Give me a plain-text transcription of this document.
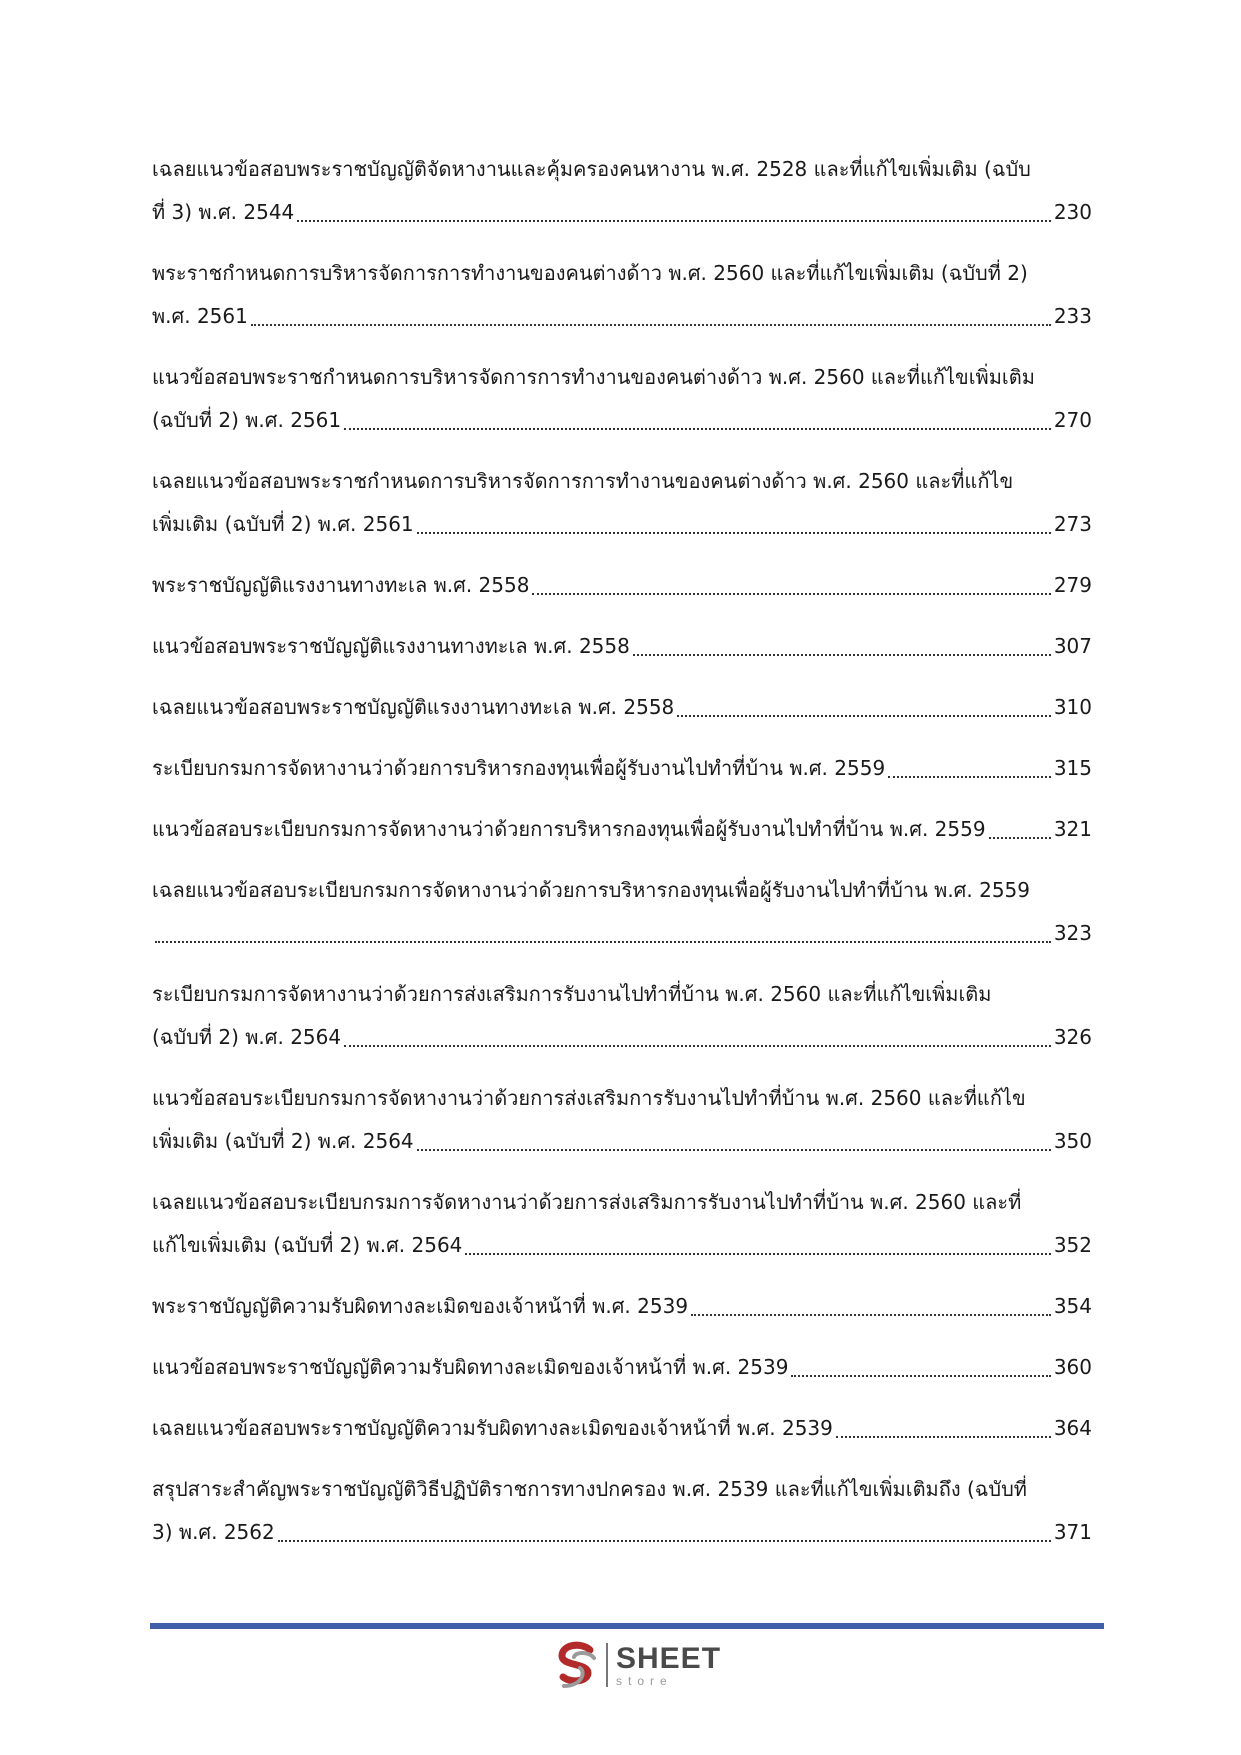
เฉลยแนวข้อสอบพระราชบัญญัติจัดหางานและคุ้มครองคนหางาน พ.ศ. 2528 และที่แก้ไขเพิ่มเติม (ฉบับ
ที่ 3) พ.ศ. 2544	230
พระราชกำหนดการบริหารจัดการการทำงานของคนต่างด้าว พ.ศ. 2560 และที่แก้ไขเพิ่มเติม (ฉบับที่ 2)
พ.ศ. 2561	233
แนวข้อสอบพระราชกำหนดการบริหารจัดการการทำงานของคนต่างด้าว พ.ศ. 2560 และที่แก้ไขเพิ่มเติม
(ฉบับที่ 2) พ.ศ. 2561	270
เฉลยแนวข้อสอบพระราชกำหนดการบริหารจัดการการทำงานของคนต่างด้าว พ.ศ. 2560 และที่แก้ไข
เพิ่มเติม (ฉบับที่ 2) พ.ศ. 2561	273
พระราชบัญญัติแรงงานทางทะเล พ.ศ. 2558	279
แนวข้อสอบพระราชบัญญัติแรงงานทางทะเล พ.ศ. 2558	307
เฉลยแนวข้อสอบพระราชบัญญัติแรงงานทางทะเล พ.ศ. 2558	310
ระเบียบกรมการจัดหางานว่าด้วยการบริหารกองทุนเพื่อผู้รับงานไปทำที่บ้าน พ.ศ. 2559	315
แนวข้อสอบระเบียบกรมการจัดหางานว่าด้วยการบริหารกองทุนเพื่อผู้รับงานไปทำที่บ้าน พ.ศ. 2559	321
เฉลยแนวข้อสอบระเบียบกรมการจัดหางานว่าด้วยการบริหารกองทุนเพื่อผู้รับงานไปทำที่บ้าน พ.ศ. 2559
323
ระเบียบกรมการจัดหางานว่าด้วยการส่งเสริมการรับงานไปทำที่บ้าน พ.ศ. 2560 และที่แก้ไขเพิ่มเติม
(ฉบับที่ 2) พ.ศ. 2564	326
แนวข้อสอบระเบียบกรมการจัดหางานว่าด้วยการส่งเสริมการรับงานไปทำที่บ้าน พ.ศ. 2560 และที่แก้ไข
เพิ่มเติม (ฉบับที่ 2) พ.ศ. 2564	350
เฉลยแนวข้อสอบระเบียบกรมการจัดหางานว่าด้วยการส่งเสริมการรับงานไปทำที่บ้าน พ.ศ. 2560 และที่
แก้ไขเพิ่มเติม (ฉบับที่ 2) พ.ศ. 2564	352
พระราชบัญญัติความรับผิดทางละเมิดของเจ้าหน้าที่ พ.ศ. 2539	354
แนวข้อสอบพระราชบัญญัติความรับผิดทางละเมิดของเจ้าหน้าที่ พ.ศ. 2539	360
เฉลยแนวข้อสอบพระราชบัญญัติความรับผิดทางละเมิดของเจ้าหน้าที่ พ.ศ. 2539	364
สรุปสาระสำคัญพระราชบัญญัติวิธีปฏิบัติราชการทางปกครอง พ.ศ. 2539 และที่แก้ไขเพิ่มเติมถึง (ฉบับที่
3) พ.ศ. 2562	371
SHEET
store
